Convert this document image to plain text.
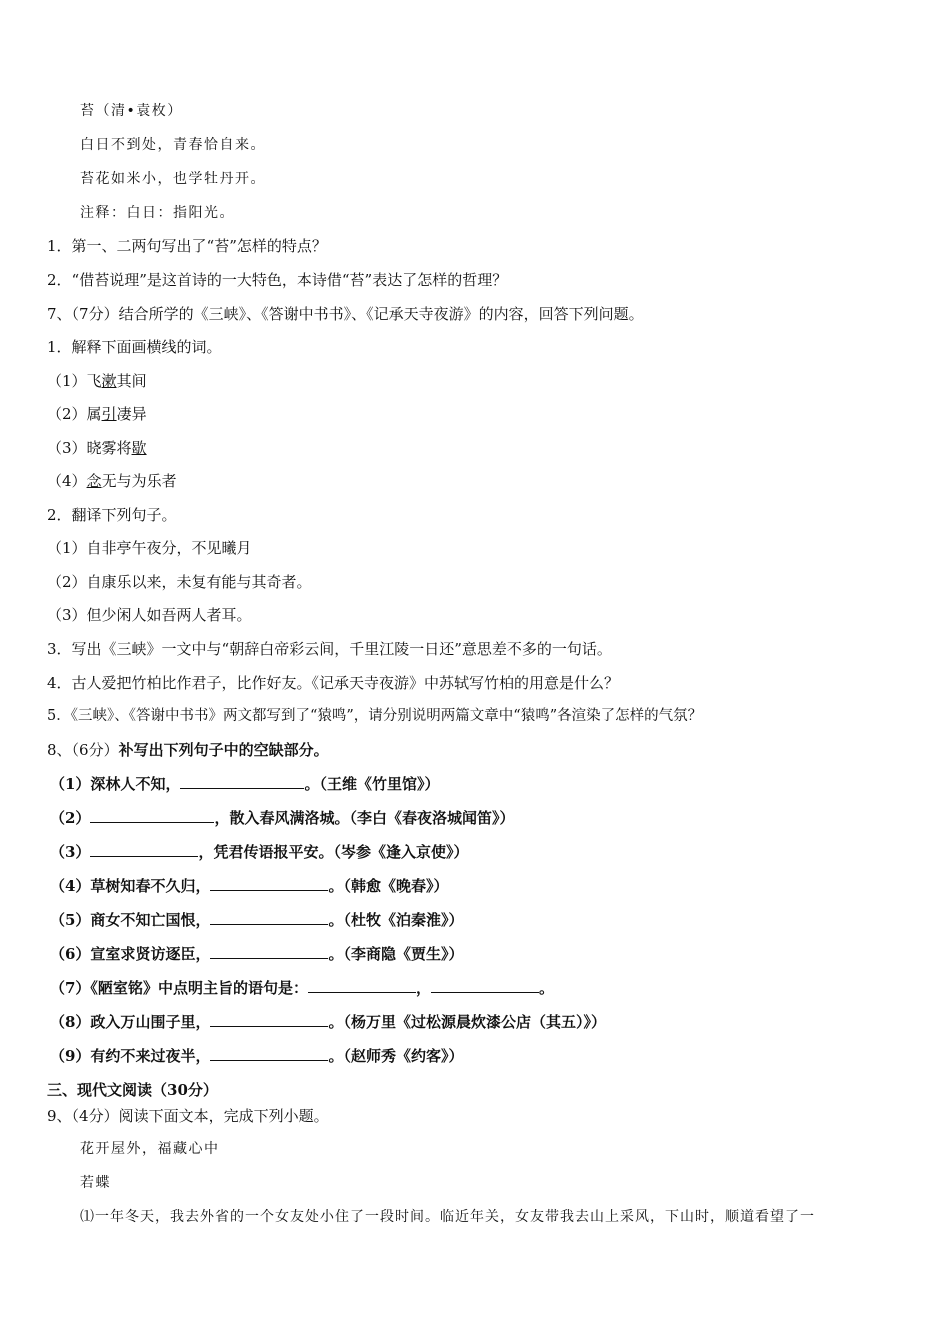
苔（清•袁枚）
白日不到处，青春恰自来。
苔花如米小，也学牡丹开。
注释：白日：指阳光。
1．第一、二两句写出了“苔”怎样的特点？
2．“借苔说理”是这首诗的一大特色，本诗借“苔”表达了怎样的哲理？
7、（7分）结合所学的《三峡》、《答谢中书书》、《记承天寺夜游》的内容，回答下列问题。
1．解释下面画横线的词。
（1）飞漱其间
（2）属引凄异
（3）晓雾将歇
（4）念无与为乐者
2．翻译下列句子。
（1）自非亭午夜分，不见曦月
（2）自康乐以来，未复有能与其奇者。
（3）但少闲人如吾两人者耳。
3．写出《三峡》一文中与“朝辞白帝彩云间，千里江陵一日还”意思差不多的一句话。
4．古人爱把竹柏比作君子，比作好友。《记承天寺夜游》中苏轼写竹柏的用意是什么？
5．《三峡》、《答谢中书书》两文都写到了“猿鸣”，请分别说明两篇文章中“猿鸣”各渲染了怎样的气氛？
8、（6分）补写出下列句子中的空缺部分。
（1）深林人不知，	。（王维《竹里馆》）
（2）	，散入春风满洛城。（李白《春夜洛城闻笛》）
（3）	，凭君传语报平安。（岑参《逢入京使》）
（4）草树知春不久归，	。（韩愈《晚春》）
（5）商女不知亡国恨，	。（杜牧《泊秦淮》）
（6）宣室求贤访逐臣，	。（李商隐《贾生》）
（7）《陋室铭》中点明主旨的语句是：	，	。
（8）政入万山围子里，	。（杨万里《过松源晨炊漆公店（其五）》）
（9）有约不来过夜半，	。（赵师秀《约客》）
三、现代文阅读（30分）
9、（4分）阅读下面文本，完成下列小题。
花开屋外，福藏心中
若蝶
⑴一年冬天，我去外省的一个女友处小住了一段时间。临近年关，女友带我去山上采风，下山时，顺道看望了一
